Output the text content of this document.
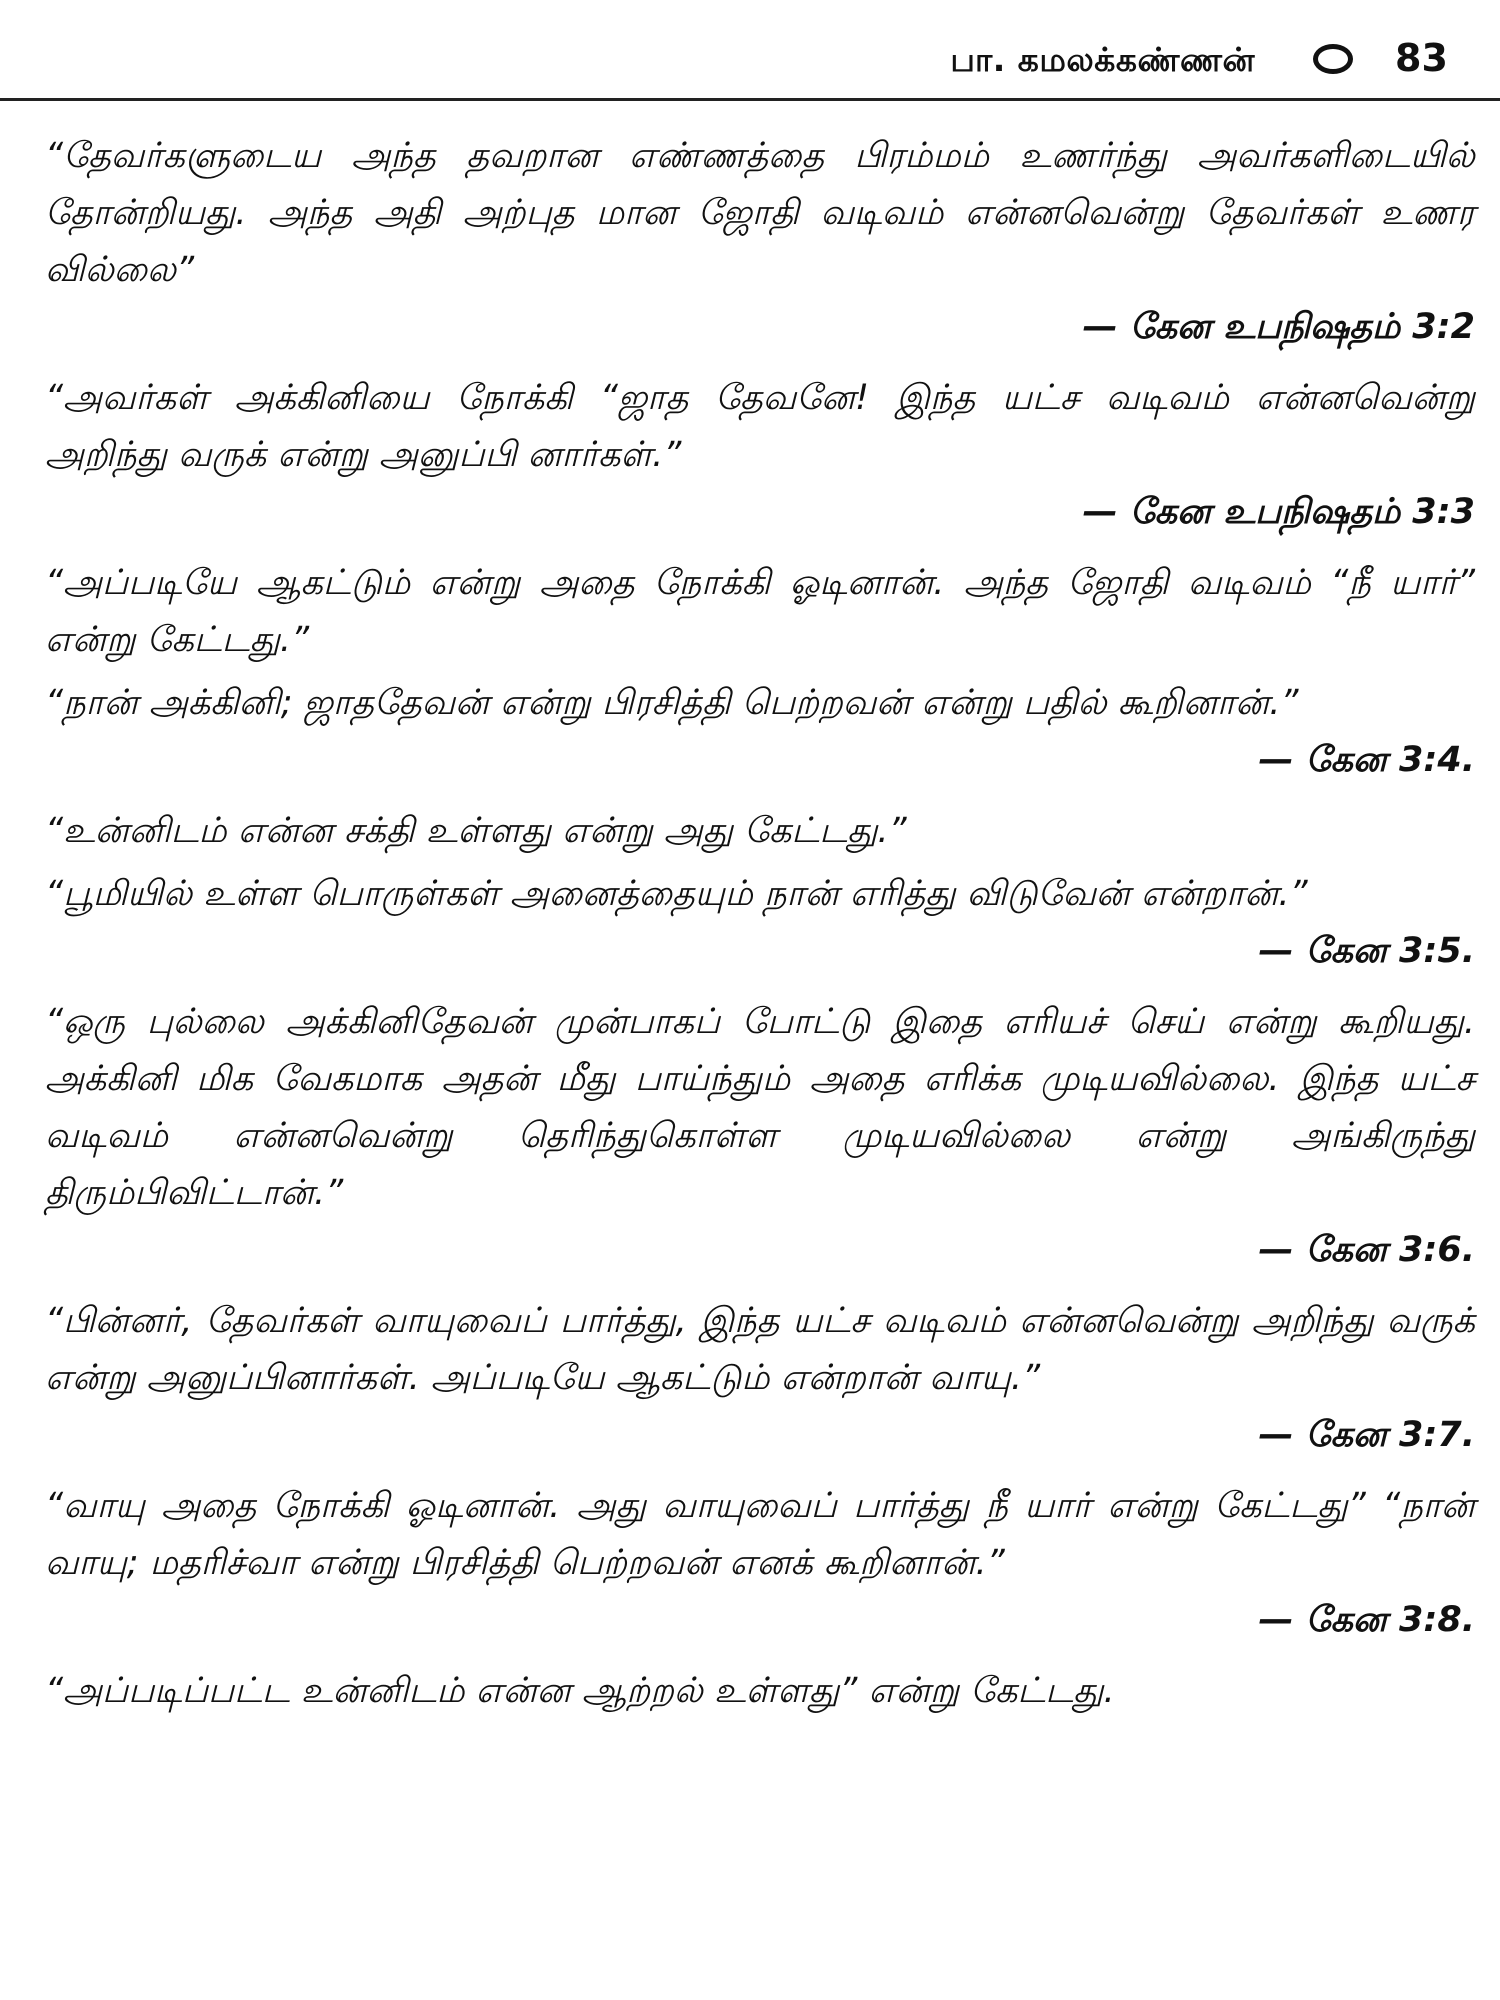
பா. கமலக்கண்ணன்	83

“தேவர்களுடைய அந்த தவறான எண்ணத்தை பிரம்மம் உணர்ந்து அவர்களிடையில் தோன்றியது. அந்த அதி அற்புத மான ஜோதி வடிவம் என்னவென்று தேவர்கள் உணர வில்லை”

— கேன உபநிஷதம் 3:2

“அவர்கள் அக்கினியை நோக்கி “ஜாத தேவனே! இந்த யட்ச வடிவம் என்னவென்று அறிந்து வருக் என்று அனுப்பி னார்கள்.”

— கேன உபநிஷதம் 3:3

“அப்படியே ஆகட்டும் என்று அதை நோக்கி ஓடினான். அந்த ஜோதி வடிவம் “நீ யார்” என்று கேட்டது.”

“நான் அக்கினி; ஜாததேவன் என்று பிரசித்தி பெற்றவன் என்று பதில் கூறினான்.”

— கேன 3:4.

“உன்னிடம் என்ன சக்தி உள்ளது என்று அது கேட்டது.”

“பூமியில் உள்ள பொருள்கள் அனைத்தையும் நான் எரித்து விடுவேன் என்றான்.”

— கேன 3:5.

“ஒரு புல்லை அக்கினிதேவன் முன்பாகப் போட்டு இதை எரியச் செய் என்று கூறியது. அக்கினி மிக வேகமாக அதன் மீது பாய்ந்தும் அதை எரிக்க முடியவில்லை. இந்த யட்ச வடிவம் என்னவென்று தெரிந்துகொள்ள முடியவில்லை என்று அங்கிருந்து திரும்பிவிட்டான்.”

— கேன 3:6.

“பின்னர், தேவர்கள் வாயுவைப் பார்த்து, இந்த யட்ச வடிவம் என்னவென்று அறிந்து வருக் என்று அனுப்பினார்கள். அப்படியே ஆகட்டும் என்றான் வாயு.”

— கேன 3:7.

“வாயு அதை நோக்கி ஓடினான். அது வாயுவைப் பார்த்து நீ யார் என்று கேட்டது” “நான் வாயு; மதரிச்வா என்று பிரசித்தி பெற்றவன் எனக் கூறினான்.”

— கேன 3:8.

“அப்படிப்பட்ட உன்னிடம் என்ன ஆற்றல் உள்ளது” என்று கேட்டது.
